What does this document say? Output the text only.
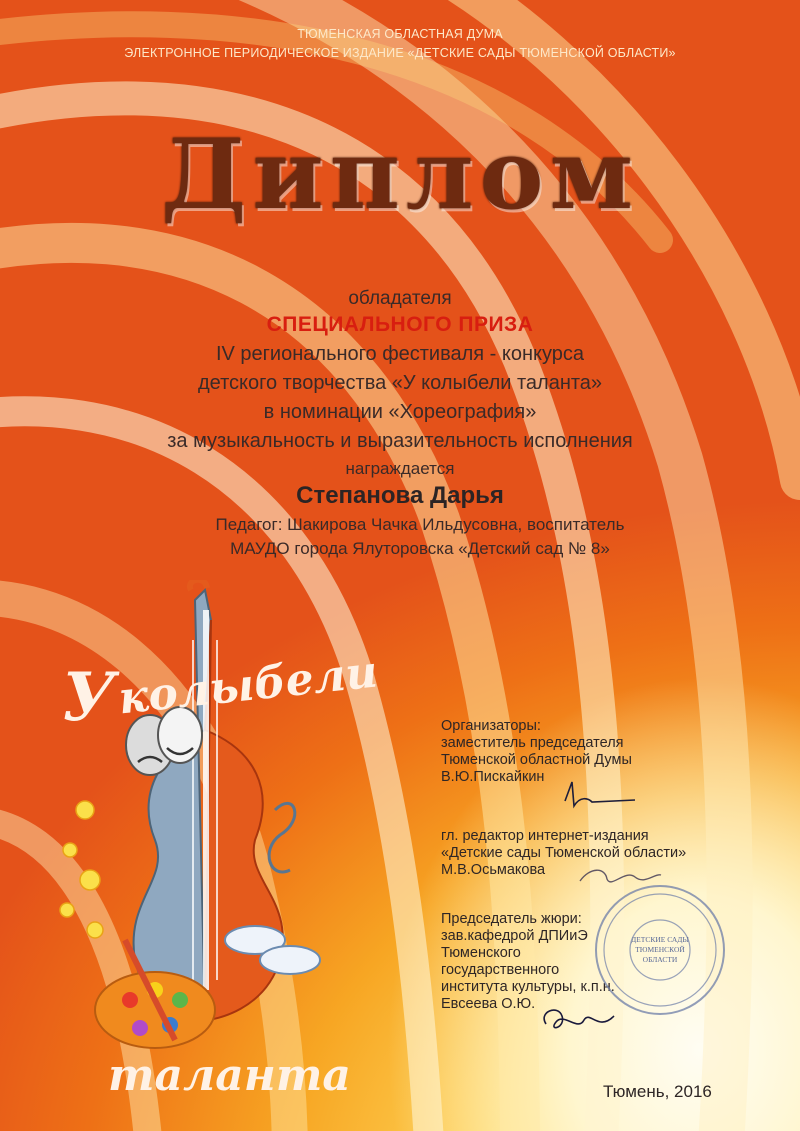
ТЮМЕНСКАЯ ОБЛАСТНАЯ ДУМА
ЭЛЕКТРОННОЕ ПЕРИОДИЧЕСКОЕ ИЗДАНИЕ «ДЕТСКИЕ САДЫ ТЮМЕНСКОЙ ОБЛАСТИ»
Диплом
обладателя
СПЕЦИАЛЬНОГО ПРИЗА
IV регионального фестиваля - конкурса
детского творчества «У колыбели таланта»
в номинации «Хореография»
за музыкальность и выразительность исполнения
награждается
Степанова Дарья
Педагог: Шакирова Чачка Ильдусовна, воспитатель
МАУДО города Ялуторовска «Детский сад № 8»
колыбели
У
таланта
Организаторы:
заместитель председателя
Тюменской областной Думы
В.Ю.Пискайкин
гл. редактор интернет-издания
«Детские сады Тюменской области»
М.В.Осьмакова
Председатель жюри:
зав.кафедрой ДПИиЭ
Тюменского
государственного
института культуры, к.п.н.
Евсеева О.Ю.
ДЕТСКИЕ САДЫ
ТЮМЕНСКОЙ
ОБЛАСТИ
Тюмень, 2016
